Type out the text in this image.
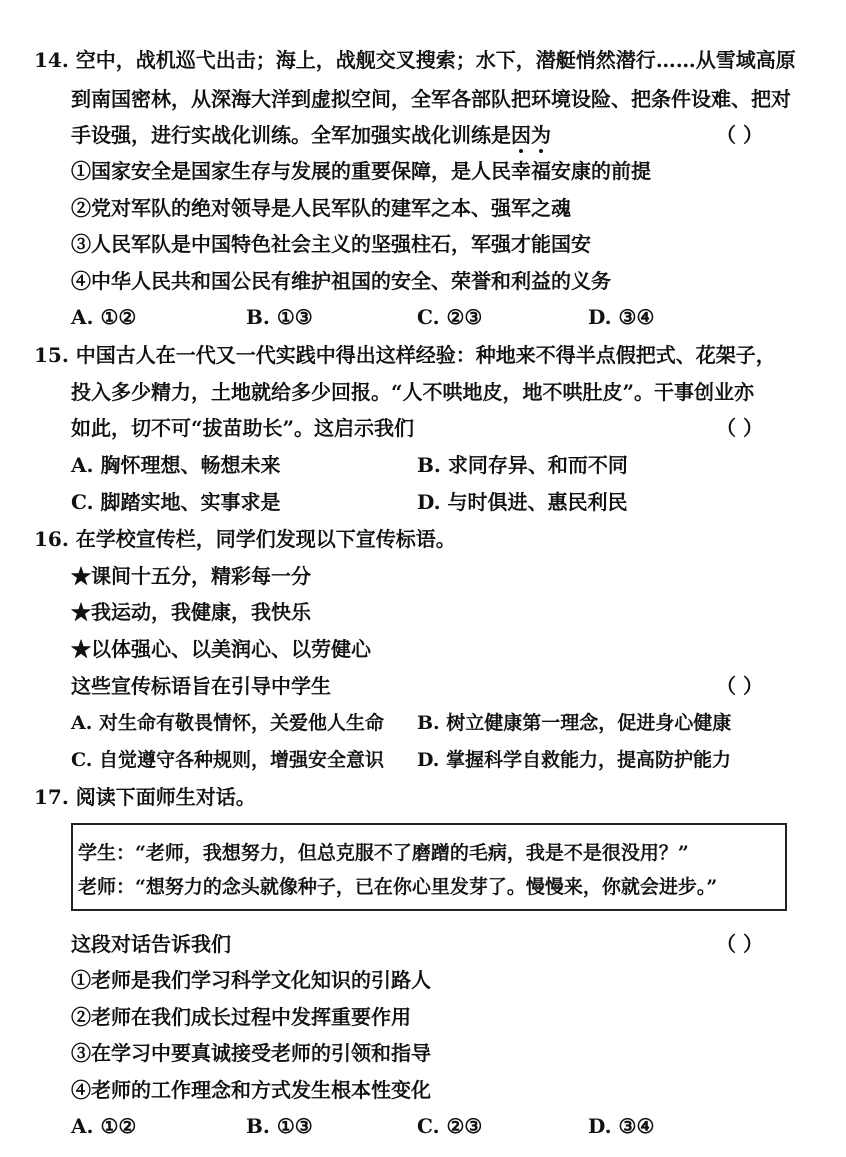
14. 空中，战机巡弋出击；海上，战舰交叉搜索；水下，潜艇悄然潜行……从雪域高原
到南国密林，从深海大洋到虚拟空间，全军各部队把环境设险、把条件设难、把对
手设强，进行实战化训练。全军加强实战化训练是因为	（ ）
①国家安全是国家生存与发展的重要保障，是人民幸福安康的前提
②党对军队的绝对领导是人民军队的建军之本、强军之魂
③人民军队是中国特色社会主义的坚强柱石，军强才能国安
④中华人民共和国公民有维护祖国的安全、荣誉和利益的义务
A. ①②	B. ①③	C. ②③	D. ③④
15. 中国古人在一代又一代实践中得出这样经验：种地来不得半点假把式、花架子，
投入多少精力，土地就给多少回报。“人不哄地皮，地不哄肚皮”。干事创业亦
如此，切不可“拔苗助长”。这启示我们	（ ）
A. 胸怀理想、畅想未来	B. 求同存异、和而不同
C. 脚踏实地、实事求是	D. 与时俱进、惠民利民
16. 在学校宣传栏，同学们发现以下宣传标语。
★课间十五分，精彩每一分
★我运动，我健康，我快乐
★以体强心、以美润心、以劳健心
这些宣传标语旨在引导中学生	（ ）
A. 对生命有敬畏情怀，关爱他人生命 B. 树立健康第一理念，促进身心健康
C. 自觉遵守各种规则，增强安全意识 D. 掌握科学自救能力，提高防护能力
17. 阅读下面师生对话。
学生：“老师，我想努力，但总克服不了磨蹭的毛病，我是不是很没用？”
老师：“想努力的念头就像种子，已在你心里发芽了。慢慢来，你就会进步。”
这段对话告诉我们	（ ）
①老师是我们学习科学文化知识的引路人
②老师在我们成长过程中发挥重要作用
③在学习中要真诚接受老师的引领和指导
④老师的工作理念和方式发生根本性变化
A. ①②	B. ①③	C. ②③	D. ③④
